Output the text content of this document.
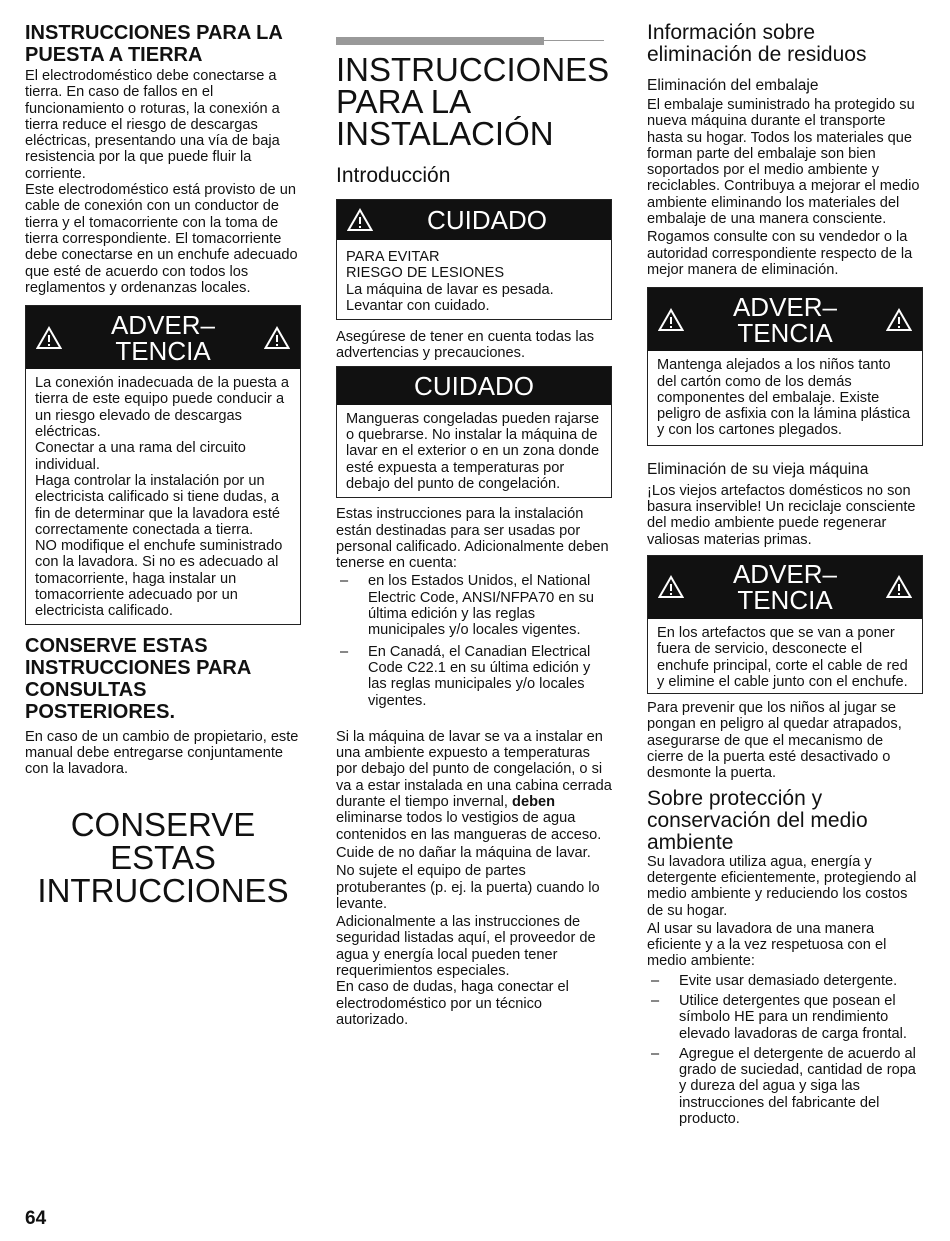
INSTRUCCIONES PARA LA PUESTA A TIERRA

El electrodoméstico debe conectarse a tierra. En caso de fallos en el funcionamiento o roturas, la conexión a tierra reduce el riesgo de descargas eléctricas, presentando una vía de baja resistencia por la que puede fluir la corriente.

Este electrodoméstico está provisto de un cable de conexión con un conductor de tierra y el tomacorriente con la toma de tierra correspondiente. El tomacorriente debe conectarse en un enchufe adecuado que esté de acuerdo con todos los reglamentos y ordenanzas locales.

ADVER–
TENCIA

La conexión inadecuada de la puesta a tierra de este equipo puede conducir a un riesgo elevado de descargas eléctricas.

Conectar a una rama del circuito individual.

Haga controlar la instalación por un electricista calificado si tiene dudas, a fin de determinar que la lavadora esté correctamente conectada a tierra.

NO modifique el enchufe suministrado con la lavadora. Si no es adecuado al tomacorriente, haga instalar un tomacorriente adecuado por un electricista calificado.

CONSERVE ESTAS INSTRUCCIONES PARA CONSULTAS POSTERIORES.

En caso de un cambio de propietario, este manual debe entregarse conjuntamente con la lavadora.

CONSERVE
ESTAS
INTRUCCIONES
INSTRUCCIONES
PARA LA
INSTALACIÓN
Introducción
CUIDADO

PARA EVITAR

RIESGO DE LESIONES

La máquina de lavar es pesada. Levantar con cuidado.

Asegúrese de tener en cuenta todas las advertencias y precauciones.

CUIDADO

Mangueras congeladas pueden rajarse o quebrarse. No instalar la máquina de lavar en el exterior o en un zona donde esté expuesta a temperaturas por debajo del punto de congelación.

Estas instrucciones para la instalación están destinadas para ser usadas por personal calificado. Adicionalmente deben tenerse en cuenta:

– en los Estados Unidos, el National Electric Code, ANSI/NFPA70 en su última edición y las reglas municipales y/o locales vigentes.
– En Canadá, el Canadian Electrical Code C22.1 en su última edición y las reglas municipales y/o locales vigentes.

Si la máquina de lavar se va a instalar en una ambiente expuesto a temperaturas por debajo del punto de congelación, o si va a estar instalada en una cabina cerrada durante el tiempo invernal, deben eliminarse todos lo vestigios de agua contenidos en las mangueras de acceso.

Cuide de no dañar la máquina de lavar.

No sujete el equipo de partes protuberantes (p. ej. la puerta) cuando lo levante.

Adicionalmente a las instrucciones de seguridad listadas aquí, el proveedor de agua y energía local pueden tener requerimientos especiales.

En caso de dudas, haga conectar el electrodoméstico por un técnico autorizado.

Información sobre eliminación de residuos
Eliminación del embalaje

El embalaje suministrado ha protegido su nueva máquina durante el transporte hasta su hogar. Todos los materiales que forman parte del embalaje son bien soportados por el medio ambiente y reciclables. Contribuya a mejorar el medio ambiente eliminando los materiales del embalaje de una manera consciente.

Rogamos consulte con su vendedor o la autoridad correspondiente respecto de la mejor manera de eliminación.

ADVER–
TENCIA

Mantenga alejados a los niños tanto del cartón como de los demás componentes del embalaje. Existe peligro de asfixia con la lámina plástica y con los cartones plegados.

Eliminación de su vieja máquina

¡Los viejos artefactos domésticos no son basura inservible! Un reciclaje consciente del medio ambiente puede regenerar valiosas materias primas.

ADVER–
TENCIA

En los artefactos que se van a poner fuera de servicio, desconecte el enchufe principal, corte el cable de red y elimine el cable junto con el enchufe.

Para prevenir que los niños al jugar se pongan en peligro al quedar atrapados, asegurarse de que el mecanismo de cierre de la puerta esté desactivado o desmonte la puerta.

Sobre protección y conservación del medio ambiente

Su lavadora utiliza agua, energía y detergente eficientemente, protegiendo al medio ambiente y reduciendo los costos de su hogar.

Al usar su lavadora de una manera eficiente y a la vez respetuosa con el medio ambiente:

– Evite usar demasiado detergente.
– Utilice detergentes que posean el símbolo HE para un rendimiento elevado lavadoras de carga frontal.
– Agregue el detergente de acuerdo al grado de suciedad, cantidad de ropa y dureza del agua y siga las instrucciones del fabricante del producto.
64
